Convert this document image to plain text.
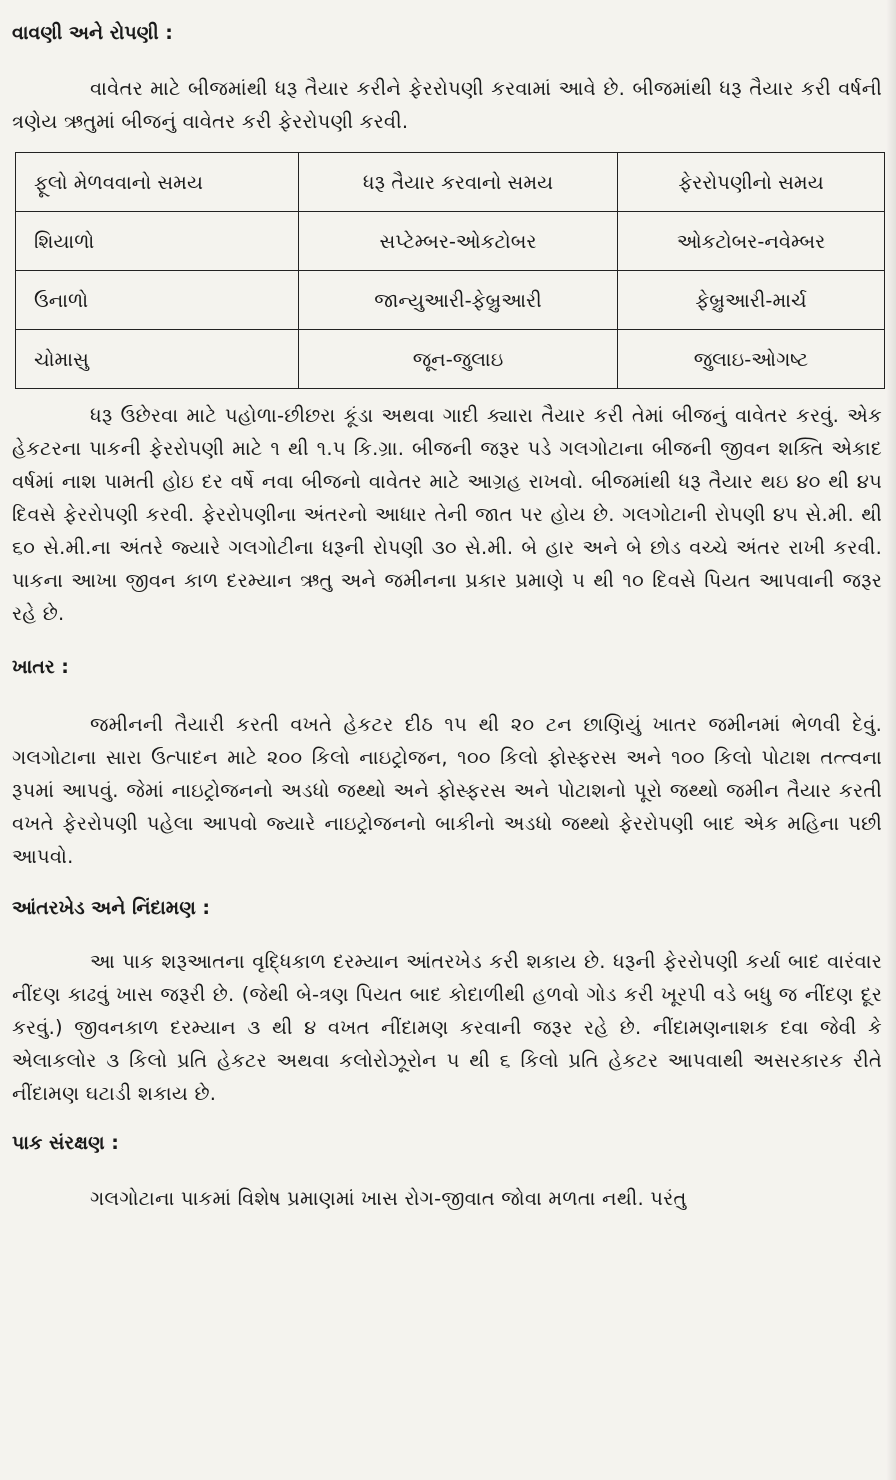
વાવણી અને રોપણી :

વાવેતર માટે બીજમાંથી ધરૂ તૈયાર કરીને ફેરરોપણી કરવામાં આવે છે. બીજમાંથી ધરૂ તૈયાર કરી વર્ષની ત્રણેય ઋતુમાં બીજનું વાવેતર કરી ફેરરોપણી કરવી.

ફૂલો મેળવવાનો સમય	ધરૂ તૈયાર કરવાનો સમય	ફેરરોપણીનો સમય
શિયાળો	સપ્ટેમ્બર-ઓકટોબર	ઓકટોબર-નવેમ્બર
ઉનાળો	જાન્યુઆરી-ફેબ્રુઆરી	ફેબ્રુઆરી-માર્ચ
ચોમાસુ	જૂન-જુલાઇ	જુલાઇ-ઓગષ્ટ

ધરૂ ઉછેરવા માટે પહોળા-છીછરા કૂંડા અથવા ગાદી ક્યારા તૈયાર કરી તેમાં બીજનું વાવેતર કરવું. એક હેકટરના પાકની ફેરરોપણી માટે ૧ થી ૧.૫ કિ.ગ્રા. બીજની જરૂર પડે ગલગોટાના બીજની જીવન શક્તિ એકાદ વર્ષમાં નાશ પામતી હોઇ દર વર્ષે નવા બીજનો વાવેતર માટે આગ્રહ રાખવો. બીજમાંથી ધરૂ તૈયાર થઇ ૪૦ થી ૪૫ દિવસે ફેરરોપણી કરવી. ફેરરોપણીના અંતરનો આધાર તેની જાત પર હોય છે. ગલગોટાની રોપણી ૪૫ સે.મી. થી ૬૦ સે.મી.ના અંતરે જ્યારે ગલગોટીના ધરૂની રોપણી ૩૦ સે.મી. બે હાર અને બે છોડ વચ્ચે અંતર રાખી કરવી. પાકના આખા જીવન કાળ દરમ્યાન ઋતુ અને જમીનના પ્રકાર પ્રમાણે ૫ થી ૧૦ દિવસે પિયત આપવાની જરૂર રહે છે.

ખાતર :

જમીનની તૈયારી કરતી વખતે હેકટર દીઠ ૧૫ થી ૨૦ ટન છાણિયું ખાતર જમીનમાં ભેળવી દેવું. ગલગોટાના સારા ઉત્પાદન માટે ૨૦૦ કિલો નાઇટ્રોજન, ૧૦૦ કિલો ફોસ્ફરસ અને ૧૦૦ કિલો પોટાશ તત્ત્વના રૂપમાં આપવું. જેમાં નાઇટ્રોજનનો અડધો જથ્થો અને ફોસ્ફરસ અને પોટાશનો પૂરો જથ્થો જમીન તૈયાર કરતી વખતે ફેરરોપણી પહેલા આપવો જ્યારે નાઇટ્રોજનનો બાકીનો અડધો જથ્થો ફેરરોપણી બાદ એક મહિના પછી આપવો.

આંતરખેડ અને નિંદામણ :

આ પાક શરૂઆતના વૃદ્ધિકાળ દરમ્યાન આંતરખેડ કરી શકાય છે. ધરૂની ફેરરોપણી કર્યા બાદ વારંવાર નીંદણ કાઢવું ખાસ જરૂરી છે. (જેથી બે-ત્રણ પિયત બાદ કોદાળીથી હળવો ગોડ કરી ખૂરપી વડે બધુ જ નીંદણ દૂર કરવું.) જીવનકાળ દરમ્યાન ૩ થી ૪ વખત નીંદામણ કરવાની જરૂર રહે છે. નીંદામણનાશક દવા જેવી કે એલાકલોર ૩ કિલો પ્રતિ હેકટર અથવા કલોરોઝૂરોન ૫ થી ૬ કિલો પ્રતિ હેકટર આપવાથી અસરકારક રીતે નીંદામણ ઘટાડી શકાય છે.

પાક સંરક્ષણ :

ગલગોટાના પાકમાં વિશેષ પ્રમાણમાં ખાસ રોગ-જીવાત જોવા મળતા નથી. પરંતુ
